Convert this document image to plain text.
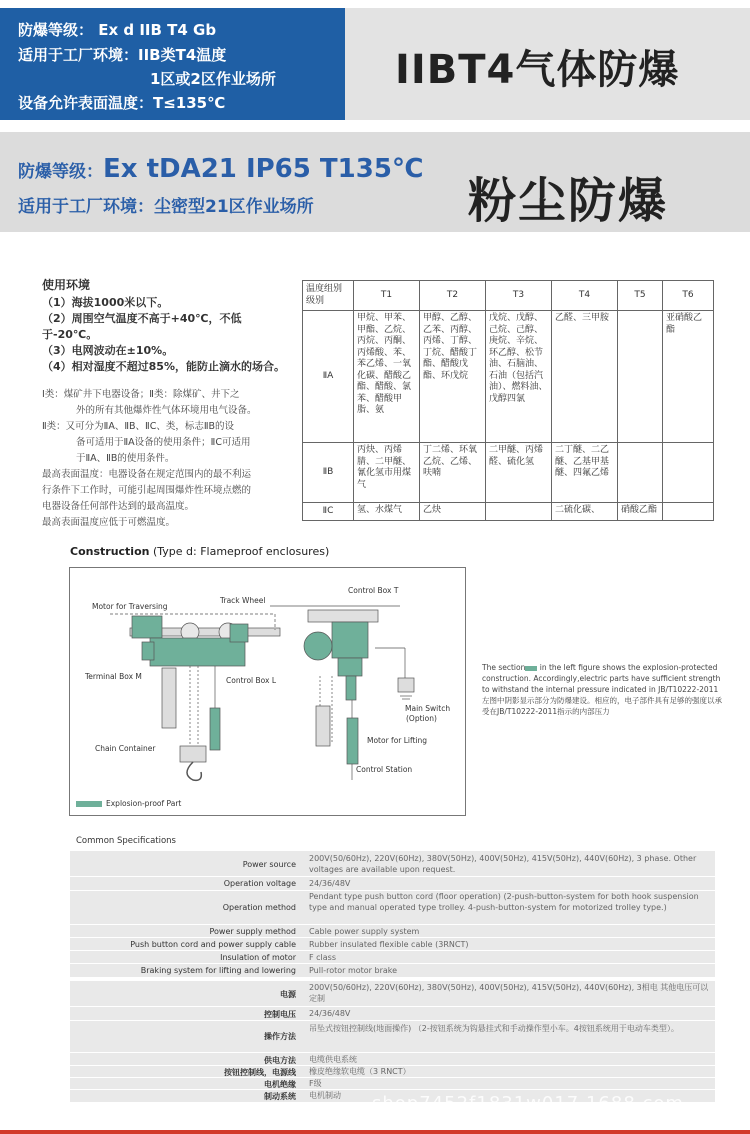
防爆等级： Ex d IIB T4 Gb
适用于工厂环境：IIB类T4温度
1区或2区作业场所
设备允许表面温度：T≤135℃
IIBT4气体防爆
防爆等级：Ex tDA21 IP65 T135℃
适用于工厂环境：尘密型21区作业场所	粉尘防爆
使用环境
（1）海拔1000米以下。
（2）周围空气温度不高于+40℃，不低于-20℃。
（3）电网波动在±10%。
（4）相对湿度不超过85%，能防止滴水的场合。

Ⅰ类：煤矿井下电器设备；Ⅱ类：除煤矿、井下之

外的所有其他爆炸性气体环境用电气设备。

Ⅱ类：又可分为ⅡA、ⅡB、ⅡC、类，标志ⅡB的设

备可适用于ⅡA设备的使用条件；ⅡC可适用

于ⅡA、ⅡB的使用条件。

最高表面温度：电器设备在规定范围内的最不利运

行条件下工作时，可能引起周围爆炸性环境点燃的

电器设备任何部件达到的最高温度。

最高表面温度应低于可燃温度。

温度组别 级别	T1	T2	T3	T4	T5	T6
ⅡA	甲烷、甲苯、甲酯、乙烷、丙烷、丙酮、丙烯酸、苯、苯乙烯、一氧化碳、醋酸乙酯、醋酸、氯苯、醋酸甲脂、氨	甲醇、乙醇、乙苯、丙醇、丙烯、丁醇、丁烷、醋酸丁酯、醋酸戊酯、环戊烷	戊烷、戊醇、己烷、己醇、庚烷、辛烷、环乙醇、松节油、石脑油、石油（包括汽油）、燃料油、戊醇四氯	乙醛、三甲胺		亚硝酸乙酯
ⅡB	丙炔、丙烯腈、二甲醚、氰化氢市用煤气	丁二烯、环氧乙烷、乙烯、呋喃	二甲醚、丙烯醛、硫化氢	二丁醚、二乙醚、乙基甲基醚、四氟乙烯		
ⅡC	氢、水煤气	乙炔		二硫化碳、	硝酸乙酯	
Construction (Type d: Flameproof enclosures)
Motor for Traversing
Track Wheel
Control Box T
Terminal Box M	Control Box L
Main Switch
(Option)
Motor for Lifting
Chain Container
Control Station
Explosion-proof Part

The section in the left figure shows the explosion-protected construction. Accordingly,electric parts have sufficient strength to withstand the internal pressure indicated in JB/T10222-2011

左图中阴影显示部分为防爆建设。相应的，电子部件具有足够的强度以承受在JB/T10222-2011指示的内部压力

Common Specifications
Power source
200V(50/60Hz), 220V(60Hz), 380V(50Hz), 400V(50Hz), 415V(50Hz), 440V(60Hz), 3 phase. Other voltages are available upon request.
Operation voltage 24/36/48V
Operation method
Pendant type push button cord (floor operation) (2-push-button-system for both hook suspension type and manual operated type trolley. 4-push-button-system for motorized trolley type.)
Power supply method Cable power supply system
Push button cord and power supply cable Rubber insulated flexible cable (3RNCT)
Insulation of motor F class
Braking system for lifting and lowering Pull-rotor motor brake
电源
200V(50/60Hz), 220V(60Hz), 380V(50Hz), 400V(50Hz), 415V(50Hz), 440V(60Hz), 3相电 其他电压可以定制
控制电压 24/36/48V
操作方法
吊坠式按钮控制线(地面操作) （2-按钮系统为钩悬挂式和手动操作型小车。4按钮系统用于电动车类型）。
供电方法 电缆供电系统
按钮控制线，电源线 橡皮绝缘软电缆（3 RNCT）
电机绝缘 F级
制动系统 电机制动	shop7452f1831w017.1688.com
